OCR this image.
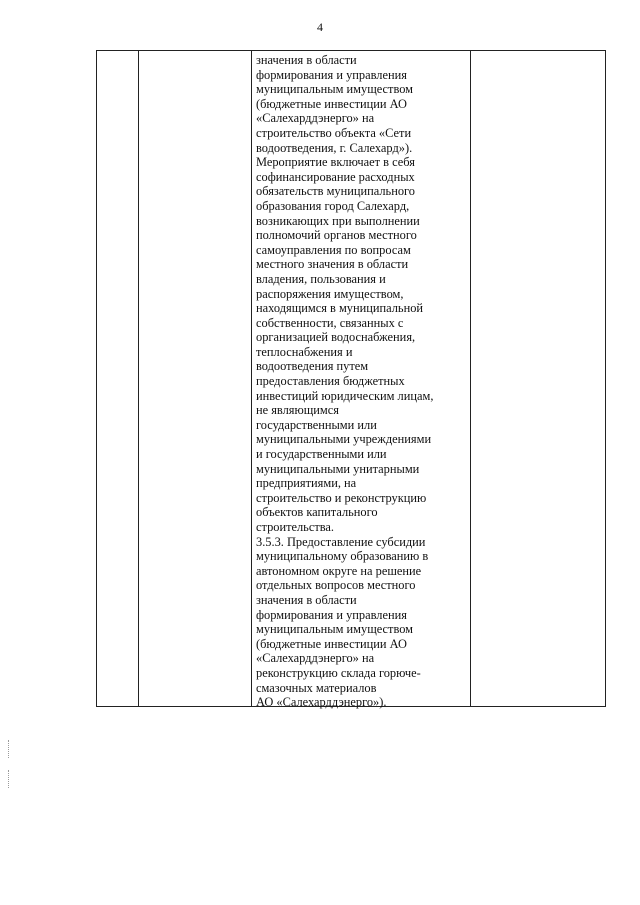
4
значения в области
формирования и управления
муниципальным имуществом
(бюджетные инвестиции АО
«Салехарддэнерго» на
строительство объекта «Сети
водоотведения, г. Салехард»).
Мероприятие включает в себя
софинансирование расходных
обязательств муниципального
образования город Салехард,
возникающих при выполнении
полномочий органов местного
самоуправления по вопросам
местного значения в области
владения, пользования и
распоряжения имуществом,
находящимся в муниципальной
собственности, связанных с
организацией водоснабжения,
теплоснабжения и
водоотведения путем
предоставления бюджетных
инвестиций юридическим лицам,
не являющимся
государственными или
муниципальными учреждениями
и государственными или
муниципальными унитарными
предприятиями, на
строительство и реконструкцию
объектов капитального
строительства.
3.5.3. Предоставление субсидии
муниципальному образованию в
автономном округе на решение
отдельных вопросов местного
значения в области
формирования и управления
муниципальным имуществом
(бюджетные инвестиции АО
«Салехарддэнерго» на
реконструкцию склада горюче-
смазочных материалов
АО «Салехарддэнерго»).
